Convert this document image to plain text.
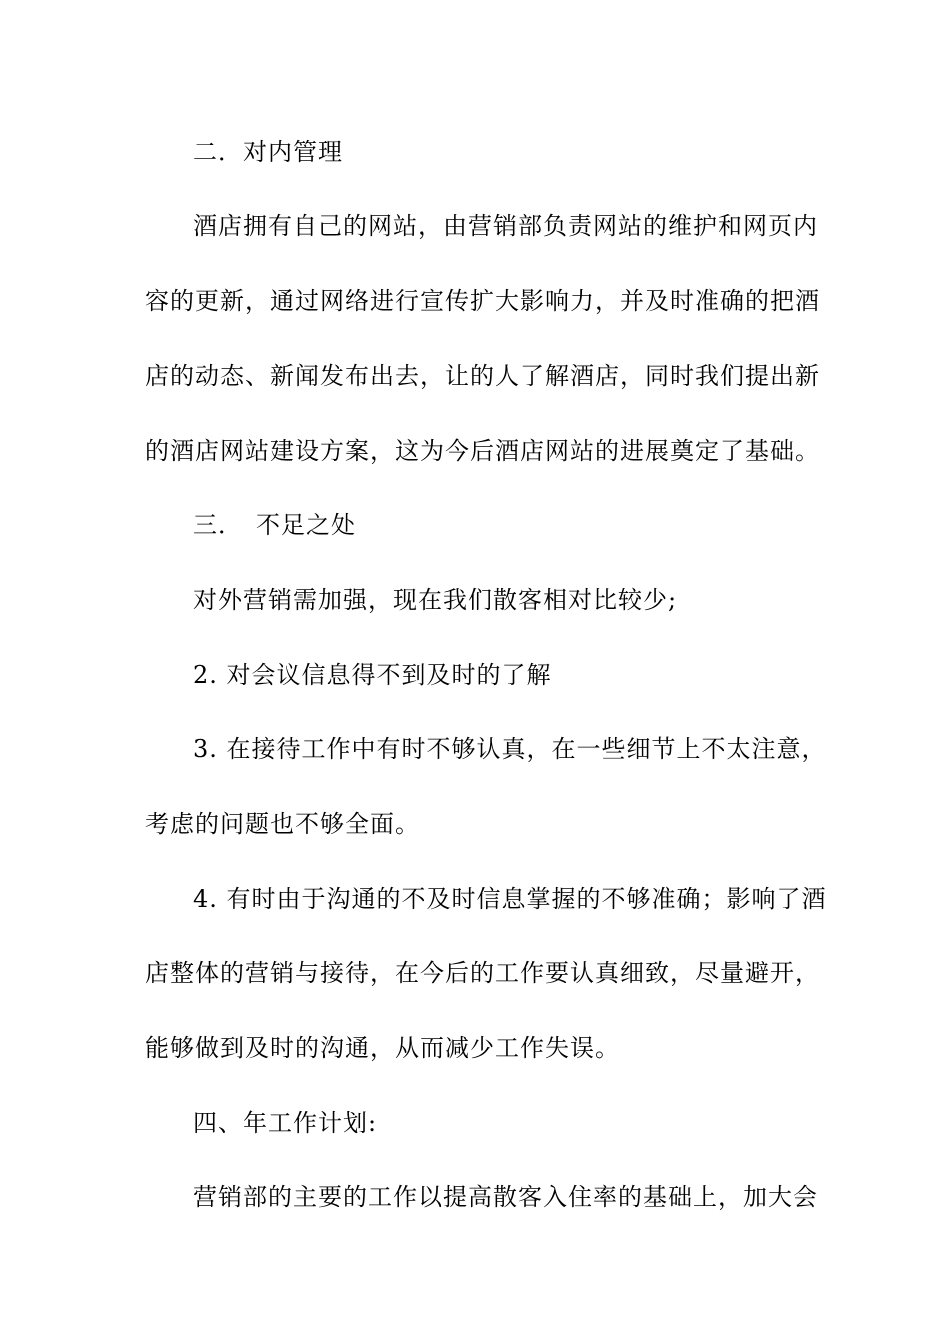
二．对内管理
酒店拥有自己的网站，由营销部负责网站的维护和网页内
容的更新，通过网络进行宣传扩大影响力，并及时准确的把酒
店的动态、新闻发布出去，让的人了解酒店，同时我们提出新
的酒店网站建设方案，这为今后酒店网站的进展奠定了基础。
三．　不足之处
对外营销需加强，现在我们散客相对比较少;
2. 对会议信息得不到及时的了解
3. 在接待工作中有时不够认真，在一些细节上不太注意，
考虑的问题也不够全面。
4. 有时由于沟通的不及时信息掌握的不够准确；影响了酒
店整体的营销与接待，在今后的工作要认真细致，尽量避开，
能够做到及时的沟通，从而减少工作失误。
四、年工作计划:
营销部的主要的工作以提高散客入住率的基础上，加大会
